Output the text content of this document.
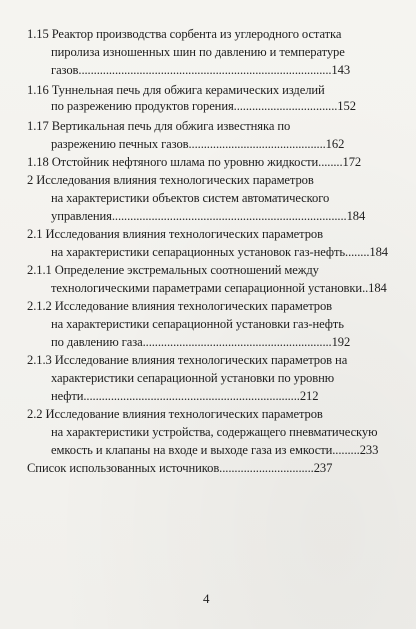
1.15 Реактор производства сорбента из углеродного остатка
пиролиза изношенных шин по давлению и температуре
газов...................................................................................143
1.16 Туннельная печь для обжига керамических изделий
по разрежению продуктов горения..................................152
1.17 Вертикальная печь для обжига известняка по
разрежению печных газов.............................................162
1.18 Отстойник нефтяного шлама по уровню жидкости........172
2 Исследования влияния технологических параметров
на характеристики объектов систем автоматического
управления.............................................................................184
2.1 Исследования влияния технологических параметров
на характеристики сепарационных установок газ-нефть........184
2.1.1 Определение экстремальных соотношений между
технологическими параметрами сепарационной установки..184
2.1.2 Исследование влияния технологических параметров
на характеристики сепарационной установки газ-нефть
по давлению газа..............................................................192
2.1.3 Исследование влияния технологических параметров на
характеристики сепарационной установки по уровню
нефти.......................................................................212
2.2 Исследование влияния технологических параметров
на характеристики устройства, содержащего пневматическую
емкость и клапаны на входе и выходе газа из емкости.........233
Список использованных источников...............................237
4
